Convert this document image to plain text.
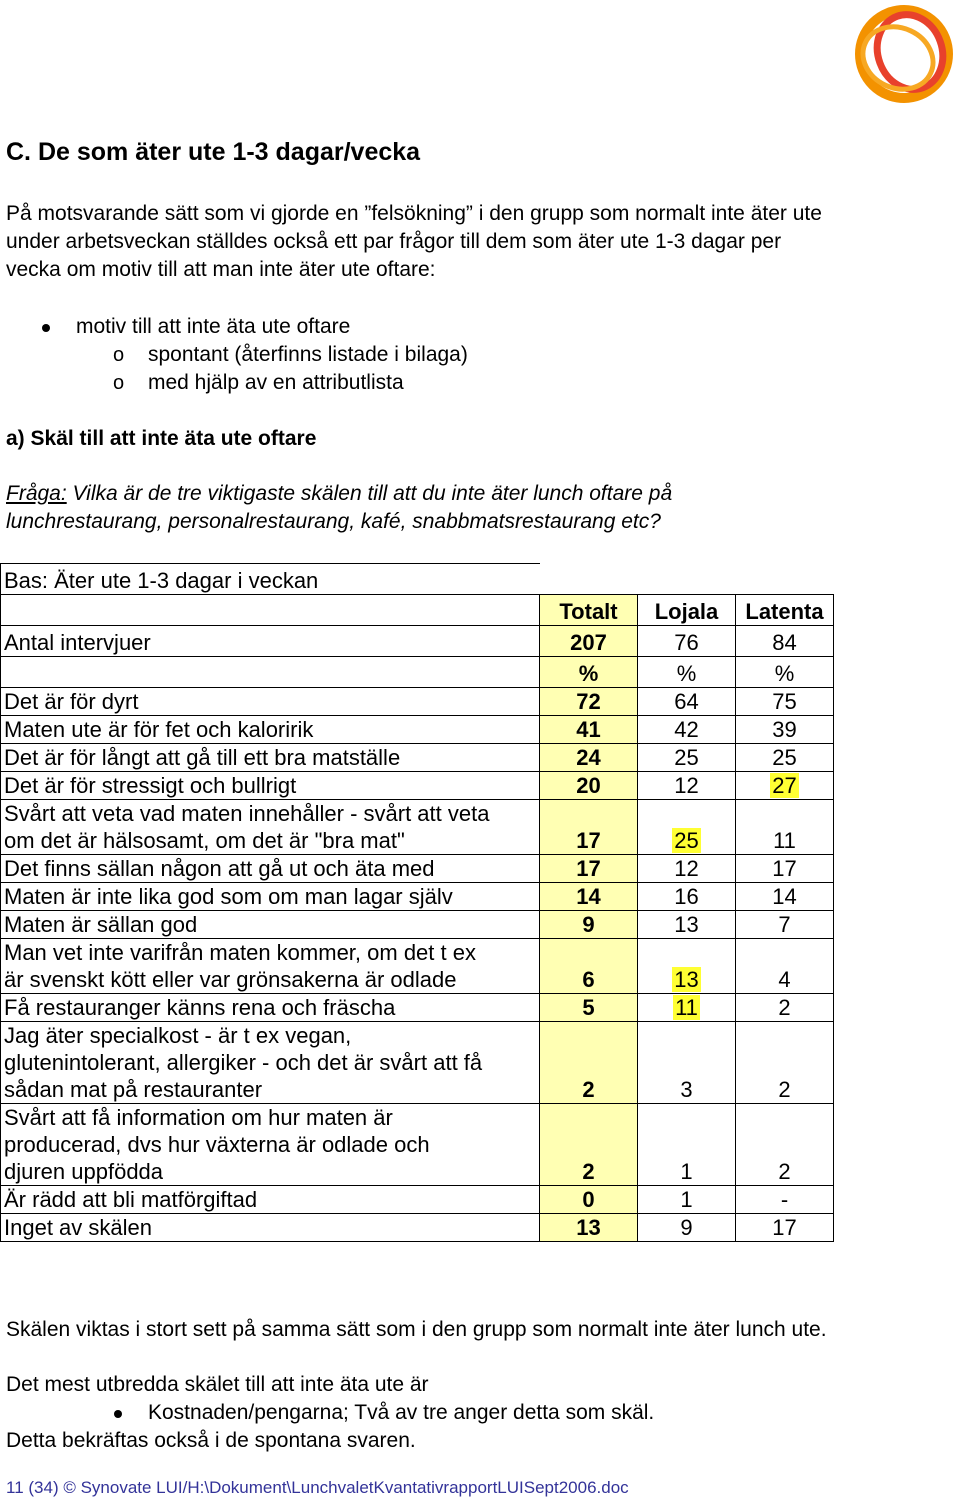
C. De som äter ute 1-3 dagar/vecka
På motsvarande sätt som vi gjorde en ”felsökning” i den grupp som normalt inte äter ute
under arbetsveckan ställdes också ett par frågor till dem som äter ute 1-3 dagar per
vecka om motiv till att man inte äter ute oftare:
motiv till att inte äta ute oftare
o spontant (återfinns listade i bilaga)
o med hjälp av en attributlista
a) Skäl till att inte äta ute oftare
Fråga: Vilka är de tre viktigaste skälen till att du inte äter lunch oftare på
lunchrestaurang, personalrestaurang, kafé, snabbmatsrestaurang etc?
Bas: Äter ute 1-3 dagar i veckan			
	Totalt	Lojala	Latenta
Antal intervjuer	207	76	84
	%	%	%

Det är för dyrt	72	64	75

Maten ute är för fet och kaloririk	41	42	39

Det är för långt att gå till ett bra matställe	24	25	25

Det är för stressigt och bullrigt	20	12	27

Svårt att veta vad maten innehåller - svårt att veta
om det är hälsosamt, om det är "bra mat"	17	25	11

Det finns sällan någon att gå ut och äta med	17	12	17

Maten är inte lika god som om man lagar själv	14	16	14

Maten är sällan god	9	13	7

Man vet inte varifrån maten kommer, om det t ex
är svenskt kött eller var grönsakerna är odlade	6	13	4

Få restauranger känns rena och fräscha	5	11	2

Jag äter specialkost - är t ex vegan,
glutenintolerant, allergiker - och det är svårt att få
sådan mat på restauranter	2	3	2

Svårt att få information om hur maten är
producerad, dvs hur växterna är odlade och
djuren uppfödda	2	1	2

Är rädd att bli matförgiftad	0	1	-

Inget av skälen	13	9	17
Skälen viktas i stort sett på samma sätt som i den grupp som normalt inte äter lunch ute.
Det mest utbredda skälet till att inte äta ute är
Kostnaden/pengarna; Två av tre anger detta som skäl.
Detta bekräftas också i de spontana svaren.
11 (34) © Synovate LUI/H:\Dokument\LunchvaletKvantativrapportLUISept2006.doc
